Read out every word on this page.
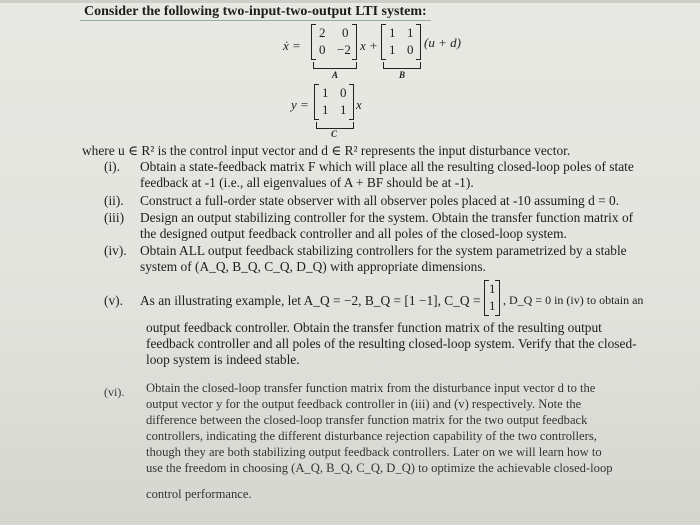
Consider the following two-input-two-output LTI system:
ẋ =
2 0
0 −2
A
x +
1 1
1 0
B
(u + d)
y =
1 0
1 1 x
C
where u ∈ R² is the control input vector and d ∈ R² represents the input disturbance vector.
(i). Obtain a state-feedback matrix F which will place all the resulting closed-loop poles of state
feedback at -1 (i.e., all eigenvalues of A + BF should be at -1).
(ii). Construct a full-order state observer with all observer poles placed at -10 assuming d = 0.
(iii) Design an output stabilizing controller for the system. Obtain the transfer function matrix of
the designed output feedback controller and all poles of the closed-loop system.
(iv). Obtain ALL output feedback stabilizing controllers for the system parametrized by a stable
system of (A_Q, B_Q, C_Q, D_Q) with appropriate dimensions.
(v). As an illustrating example, let A_Q = −2, B_Q = [1 −1], C_Q =
1
1 , D_Q = 0 in (iv) to obtain an
output feedback controller. Obtain the transfer function matrix of the resulting output
feedback controller and all poles of the resulting closed-loop system. Verify that the closed-
loop system is indeed stable.
(vi). Obtain the closed-loop transfer function matrix from the disturbance input vector d to the
output vector y for the output feedback controller in (iii) and (v) respectively. Note the
difference between the closed-loop transfer function matrix for the two output feedback
controllers, indicating the different disturbance rejection capability of the two controllers,
though they are both stabilizing output feedback controllers. Later on we will learn how to
use the freedom in choosing (A_Q, B_Q, C_Q, D_Q) to optimize the achievable closed-loop
control performance.
